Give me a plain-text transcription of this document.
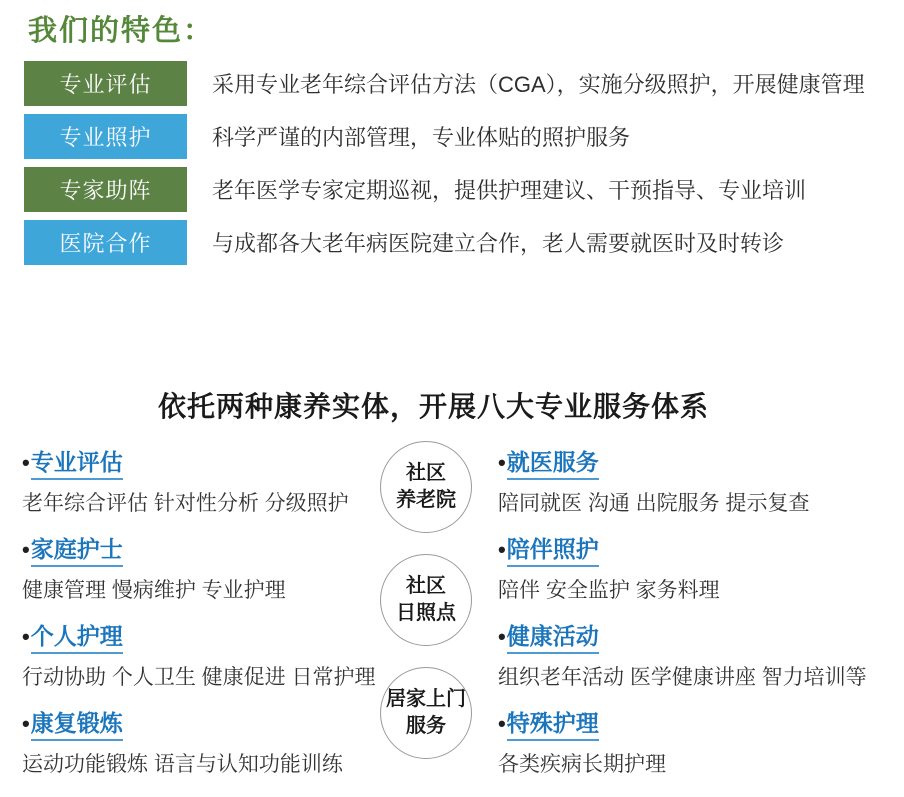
我们的特色：
专业评估	采用专业老年综合评估方法（CGA），实施分级照护，开展健康管理
专业照护	科学严谨的内部管理，专业体贴的照护服务
专家助阵	老年医学专家定期巡视，提供护理建议、干预指导、专业培训
医院合作	与成都各大老年病医院建立合作，老人需要就医时及时转诊
依托两种康养实体，开展八大专业服务体系
•专业评估
老年综合评估 针对性分析 分级照护
•家庭护士
健康管理 慢病维护 专业护理
•个人护理
行动协助 个人卫生 健康促进 日常护理
•康复锻炼
运动功能锻炼 语言与认知功能训练
社区
养老院
社区
日照点
居家上门
服务
•就医服务
陪同就医 沟通 出院服务 提示复查
•陪伴照护
陪伴 安全监护 家务料理
•健康活动
组织老年活动 医学健康讲座 智力培训等
•特殊护理
各类疾病长期护理
